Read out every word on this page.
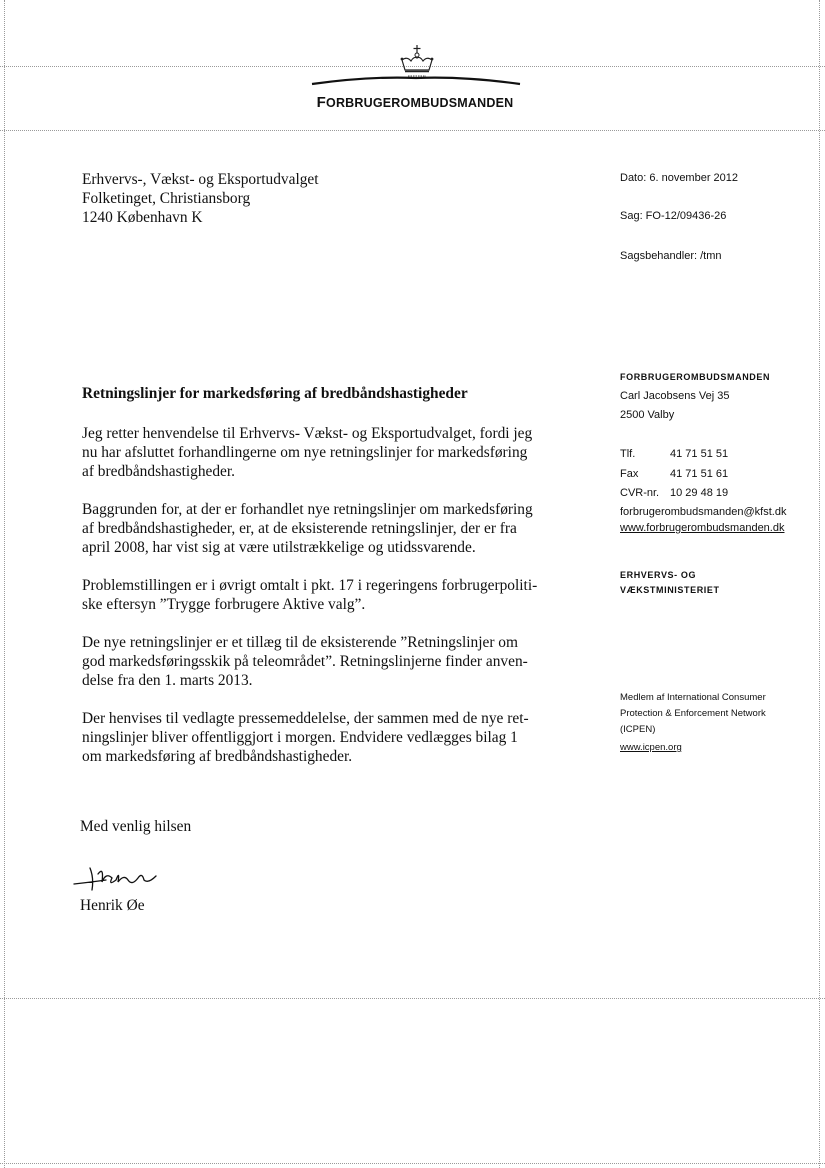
FORBRUGEROMBUDSMANDEN
Erhvervs-, Vækst- og Eksportudvalget
Folketinget, Christiansborg
1240 København K
Dato: 6. november 2012
Sag: FO-12/09436-26
Sagsbehandler: /tmn
Retningslinjer for markedsføring af bredbåndshastigheder
Jeg retter henvendelse til Erhvervs- Vækst- og Eksportudvalget, fordi jeg
nu har afsluttet forhandlingerne om nye retningslinjer for markedsføring
af bredbåndshastigheder.
Baggrunden for, at der er forhandlet nye retningslinjer om markedsføring
af bredbåndshastigheder, er, at de eksisterende retningslinjer, der er fra
april 2008, har vist sig at være utilstrækkelige og utidssvarende.
Problemstillingen er i øvrigt omtalt i pkt. 17 i regeringens forbrugerpoliti-
ske eftersyn ”Trygge forbrugere Aktive valg”.
De nye retningslinjer er et tillæg til de eksisterende ”Retningslinjer om
god markedsføringsskik på teleområdet”. Retningslinjerne finder anven-
delse fra den 1. marts 2013.
Der henvises til vedlagte pressemeddelelse, der sammen med de nye ret-
ningslinjer bliver offentliggjort i morgen. Endvidere vedlægges bilag 1
om markedsføring af bredbåndshastigheder.
Med venlig hilsen
Henrik Øe
FORBRUGEROMBUDSMANDEN
Carl Jacobsens Vej 35
2500 Valby
Tlf.	41 71 51 51
Fax	41 71 51 61
CVR-nr. 10 29 48 19
forbrugerombudsmanden@kfst.dk
www.forbrugerombudsmanden.dk
ERHVERVS- OG
VÆKSTMINISTERIET
Medlem af International Consumer
Protection & Enforcement Network
(ICPEN)
www.icpen.org
